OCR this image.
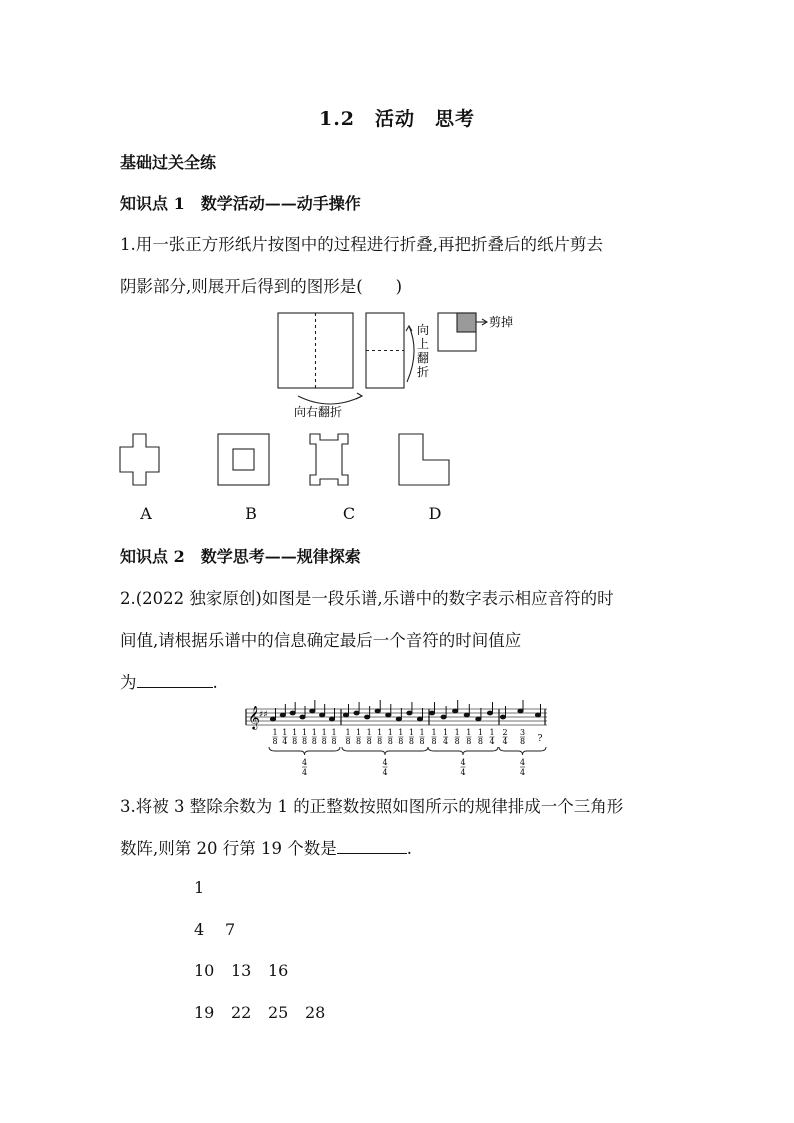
1.2　活动　思考
基础过关全练
知识点 1　数学活动——动手操作
1.用一张正方形纸片按图中的过程进行折叠,再把折叠后的纸片剪去
阴影部分,则展开后得到的图形是(　　)
向右翻折
向
上
翻
折
剪掉
A	B	C	D
知识点 2　数学思考——规律探索
2.(2022 独家原创)如图是一段乐谱,乐谱中的数字表示相应音符的时
间值,请根据乐谱中的信息确定最后一个音符的时间值应
为	.
𝄞 ♯♯
1
8
1
4
1
8
1
8
1
8
1
8
1
8
4
4
1
8
1
8
1
8
1
8
1
8
1
8
1
8
1
8
4
4
1
8
1
4
1
8
1
8
1
8
1
4
4
4
2
4
3
8 ?
4
4
3.将被 3 整除余数为 1 的正整数按照如图所示的规律排成一个三角形
数阵,则第 20 行第 19 个数是	.
1
4 7
10 13 16
19 22 25 28
